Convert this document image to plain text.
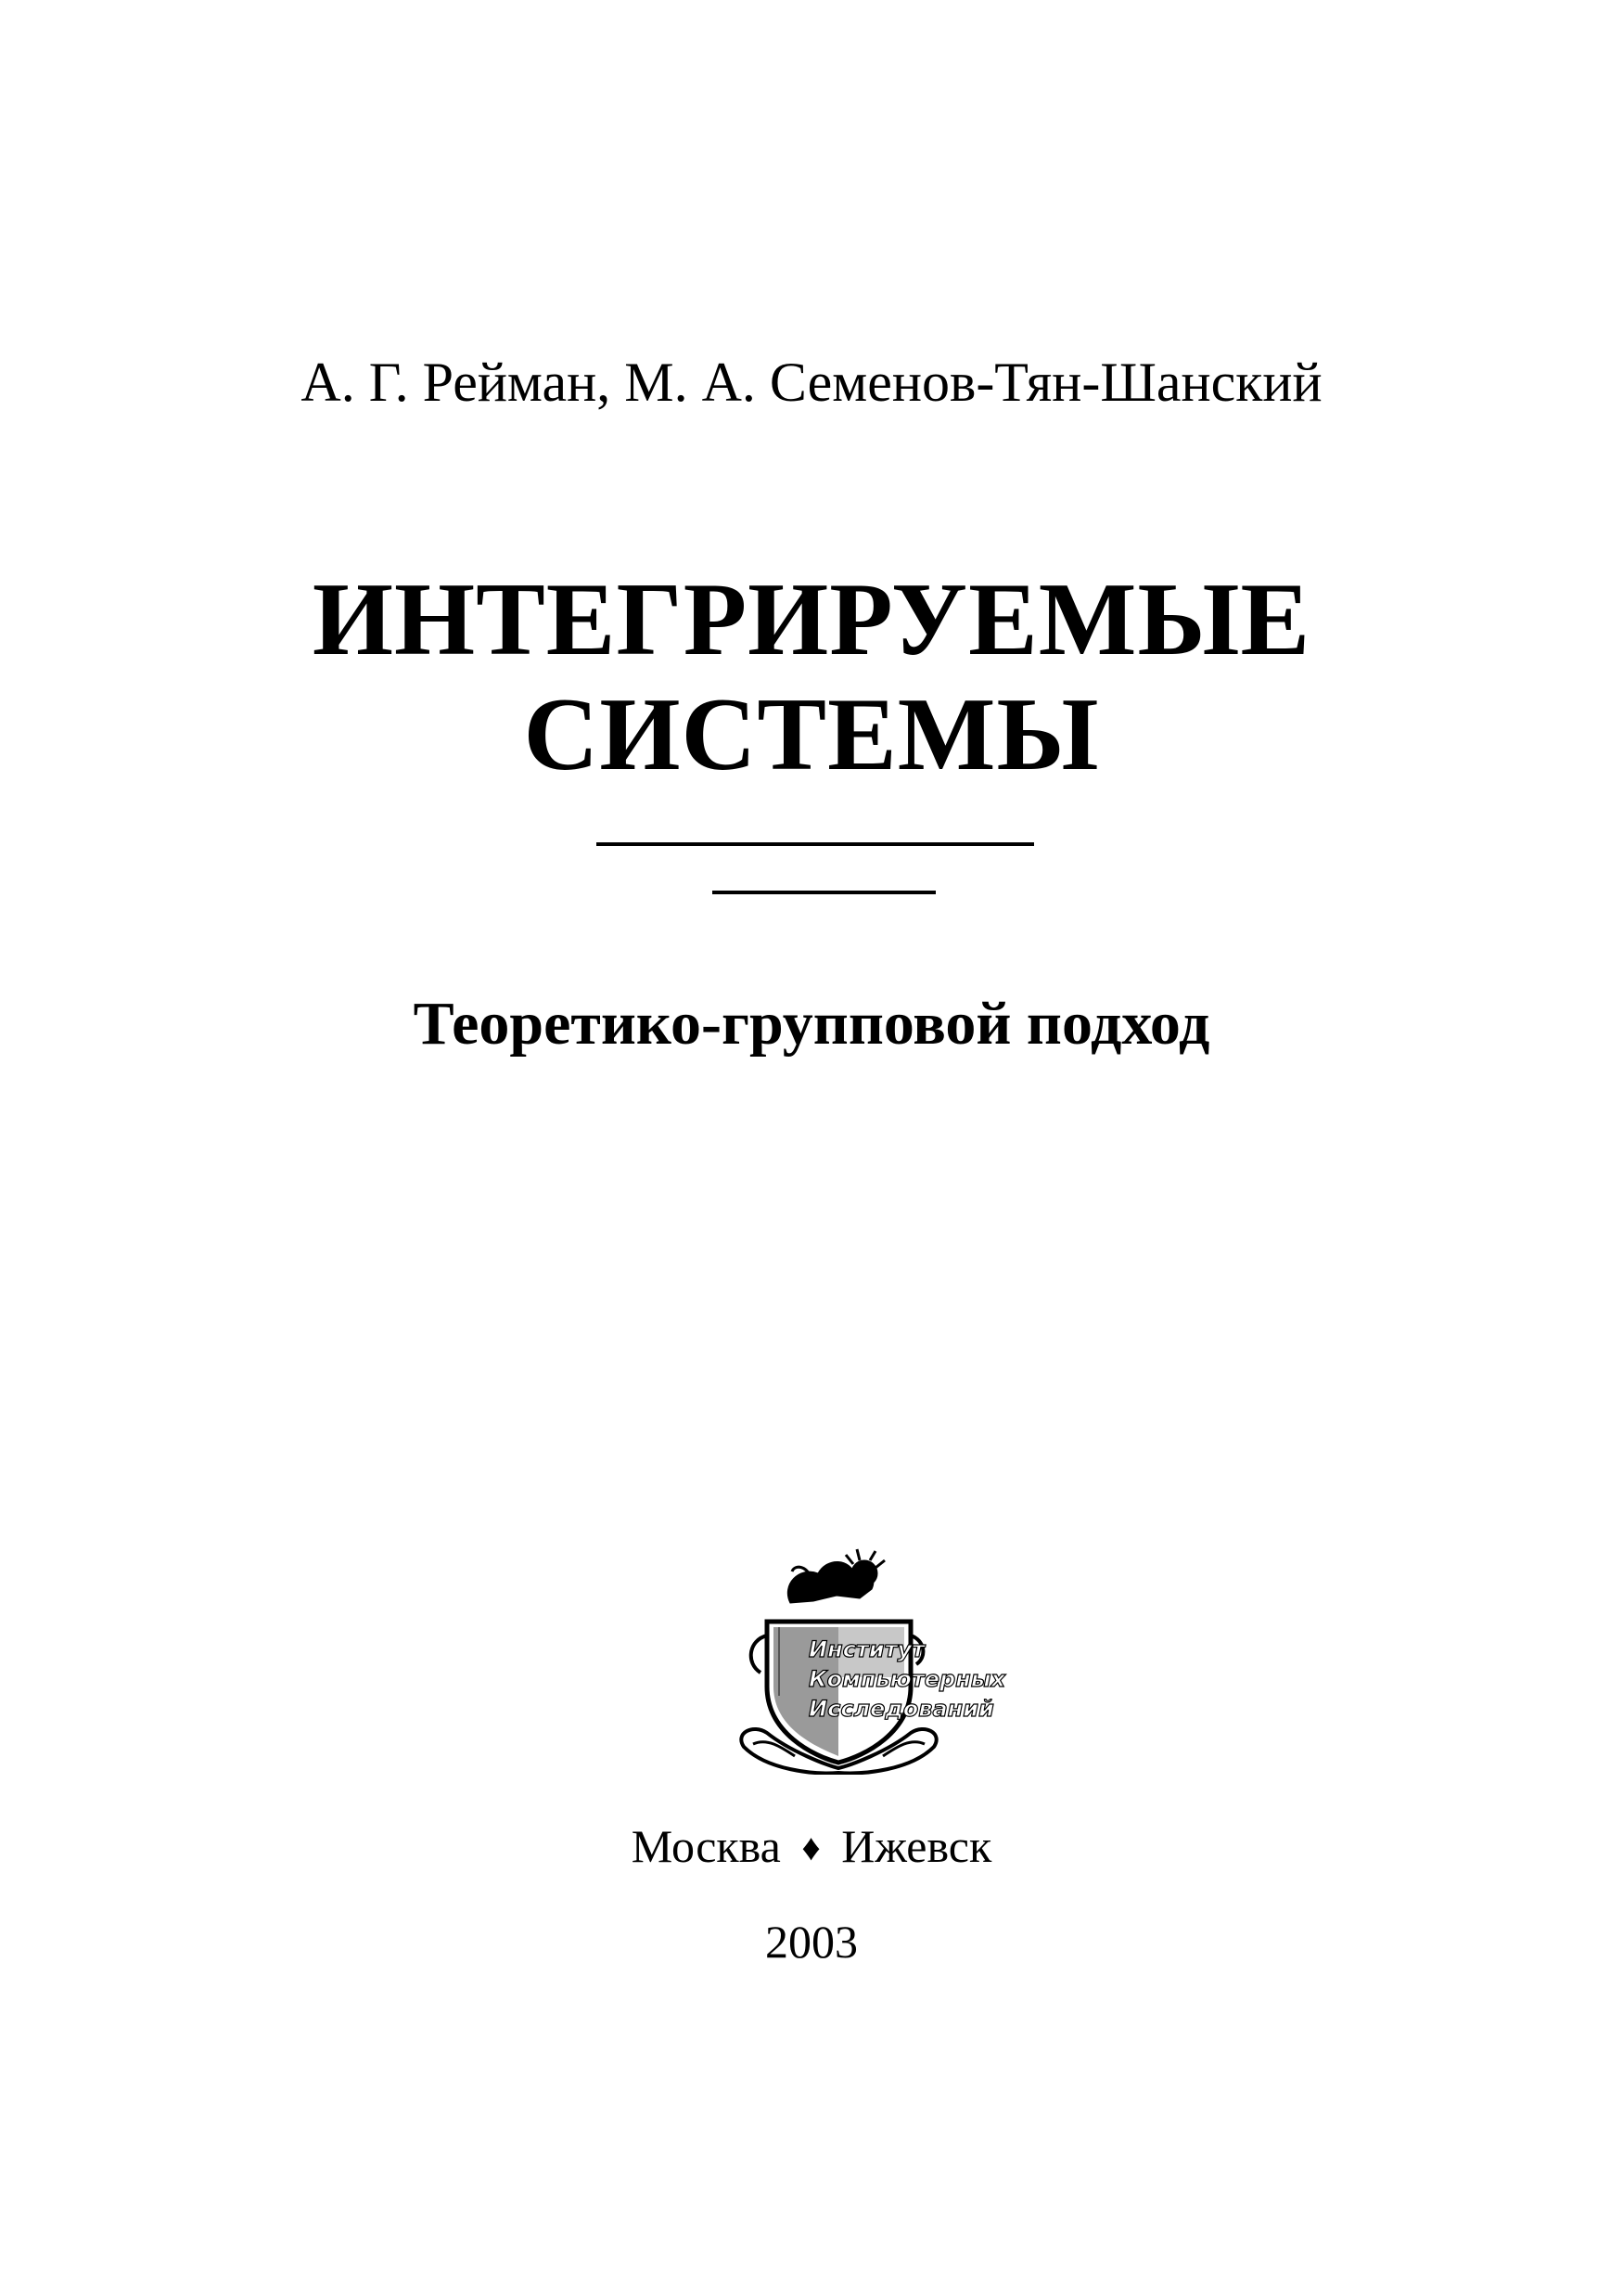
А. Г. Рейман, М. А. Семенов-Тян-Шанский
ИНТЕГРИРУЕМЫЕ
СИСТЕМЫ
Теоретико-групповой подход
Институт
Компьютерных
Исследований
Москва ♦ Ижевск
2003
